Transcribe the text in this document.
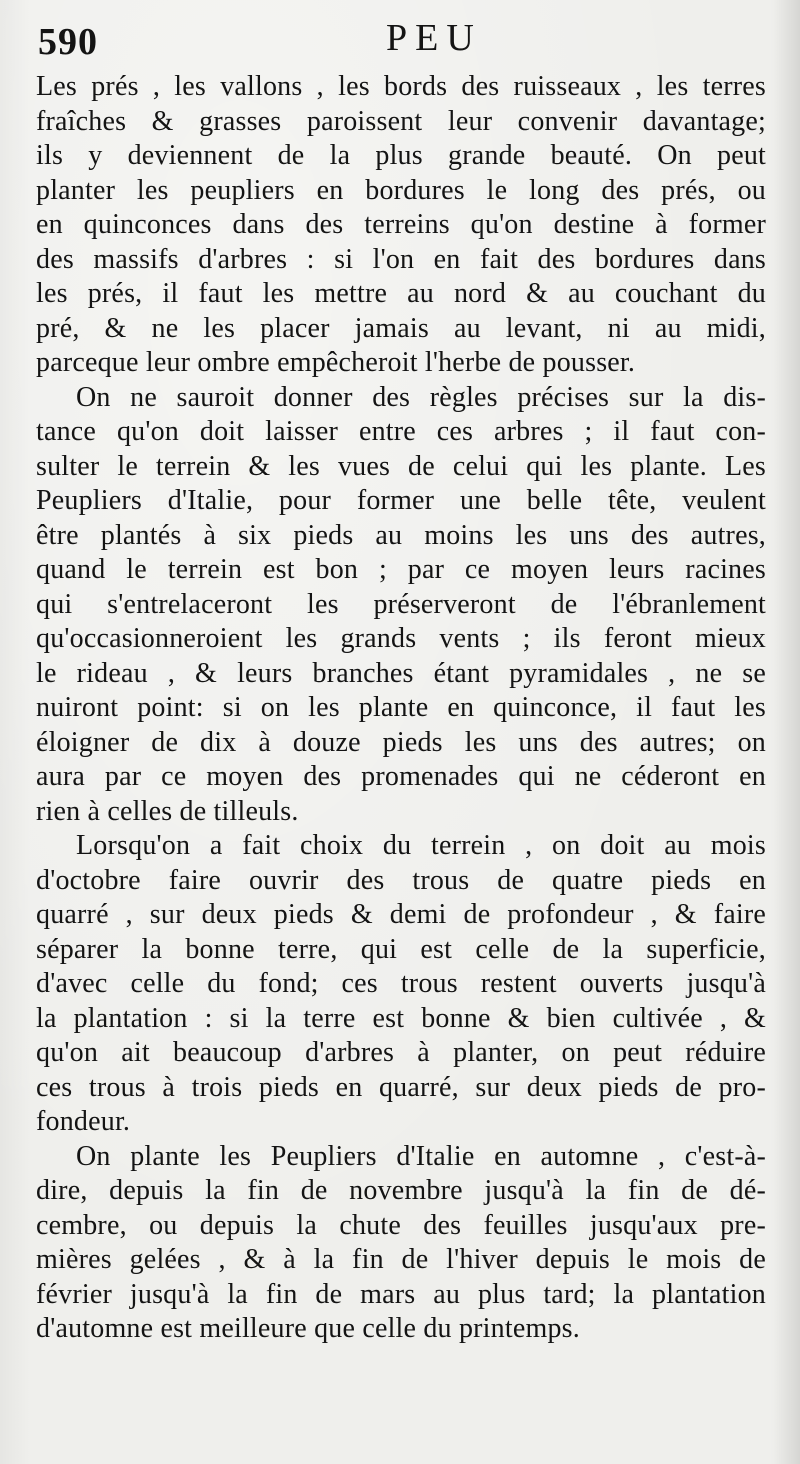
590	PEU
Les prés , les vallons , les bords des ruisseaux , les terres
fraîches & grasses paroissent leur convenir davantage;
ils y deviennent de la plus grande beauté. On peut
planter les peupliers en bordures le long des prés, ou
en quinconces dans des terreins qu'on destine à former
des massifs d'arbres : si l'on en fait des bordures dans
les prés, il faut les mettre au nord & au couchant du
pré, & ne les placer jamais au levant, ni au midi,
parceque leur ombre empêcheroit l'herbe de pousser.
On ne sauroit donner des règles précises sur la dis-
tance qu'on doit laisser entre ces arbres ; il faut con-
sulter le terrein & les vues de celui qui les plante. Les
Peupliers d'Italie, pour former une belle tête, veulent
être plantés à six pieds au moins les uns des autres,
quand le terrein est bon ; par ce moyen leurs racines
qui s'entrelaceront les préserveront de l'ébranlement
qu'occasionneroient les grands vents ; ils feront mieux
le rideau , & leurs branches étant pyramidales , ne se
nuiront point: si on les plante en quinconce, il faut les
éloigner de dix à douze pieds les uns des autres; on
aura par ce moyen des promenades qui ne céderont en
rien à celles de tilleuls.
Lorsqu'on a fait choix du terrein , on doit au mois
d'octobre faire ouvrir des trous de quatre pieds en
quarré , sur deux pieds & demi de profondeur , & faire
séparer la bonne terre, qui est celle de la superficie,
d'avec celle du fond; ces trous restent ouverts jusqu'à
la plantation : si la terre est bonne & bien cultivée , &
qu'on ait beaucoup d'arbres à planter, on peut réduire
ces trous à trois pieds en quarré, sur deux pieds de pro-
fondeur.
On plante les Peupliers d'Italie en automne , c'est-à-
dire, depuis la fin de novembre jusqu'à la fin de dé-
cembre, ou depuis la chute des feuilles jusqu'aux pre-
mières gelées , & à la fin de l'hiver depuis le mois de
février jusqu'à la fin de mars au plus tard; la plantation
d'automne est meilleure que celle du printemps.
